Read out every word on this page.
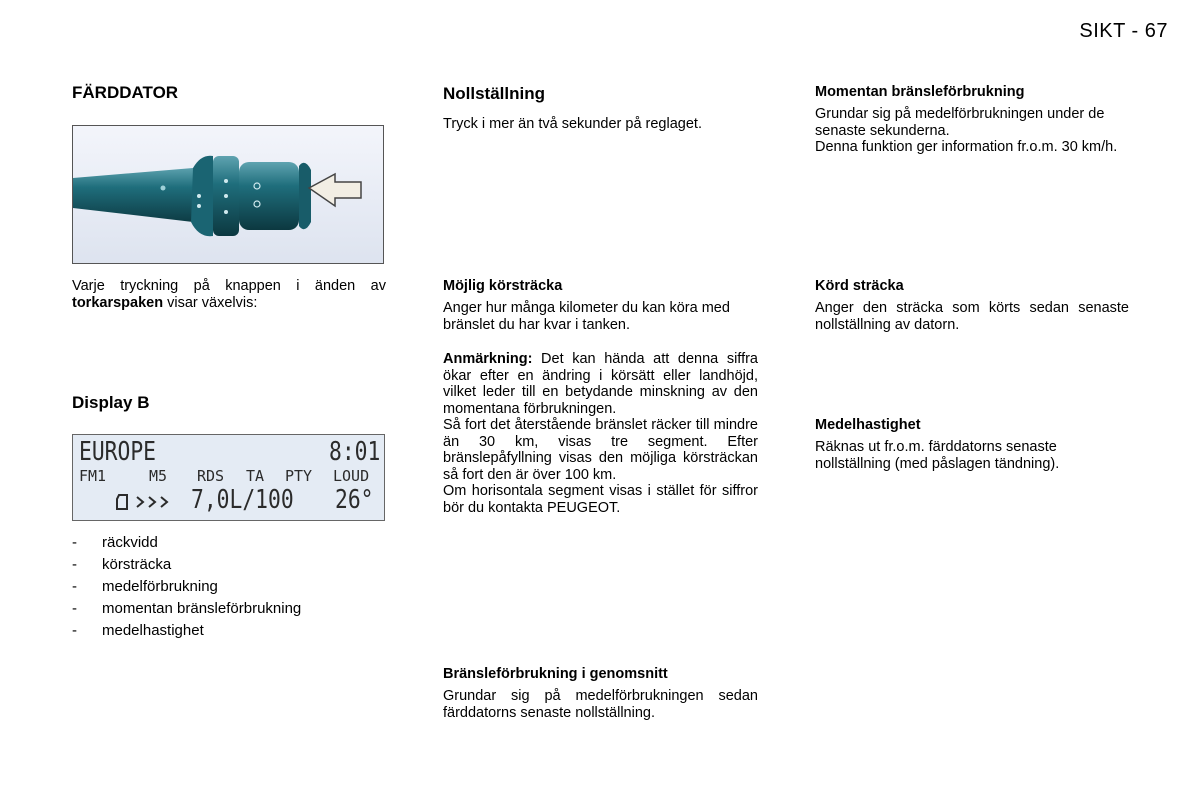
SIKT - 67
FÄRDDATOR
Varje tryckning på knappen i änden av torkarspaken visar växelvis:
Display B
EUROPE	8:01
FM1	M5 RDS TA PTY LOUD
7,0L/100 26°
- räckvidd
- körsträcka
- medelförbrukning
- momentan bränsleförbrukning
- medelhastighet
Nollställning
Tryck i mer än två sekunder på reglaget.
Möjlig körsträcka
Anger hur många kilometer du kan köra med bränslet du har kvar i tanken.

Anmärkning: Det kan hända att denna siffra ökar efter en ändring i körsätt eller landhöjd, vilket leder till en betydande minskning av den momentana förbrukningen.

Så fort det återstående bränslet räcker till mindre än 30 km, visas tre segment. Efter bränslepåfyllning visas den möjliga körsträckan så fort den är över 100 km.

Om horisontala segment visas i stället för siffror bör du kontakta PEUGEOT.

Bränsleförbrukning i genomsnitt
Grundar sig på medelförbrukningen sedan färddatorns senaste nollställning.
Momentan bränsleförbrukning

Grundar sig på medelförbrukningen under de senaste sekunderna.

Denna funktion ger information fr.o.m. 30 km/h.

Körd sträcka
Anger den sträcka som körts sedan senaste nollställning av datorn.
Medelhastighet
Räknas ut fr.o.m. färddatorns senaste nollställning (med påslagen tändning).
